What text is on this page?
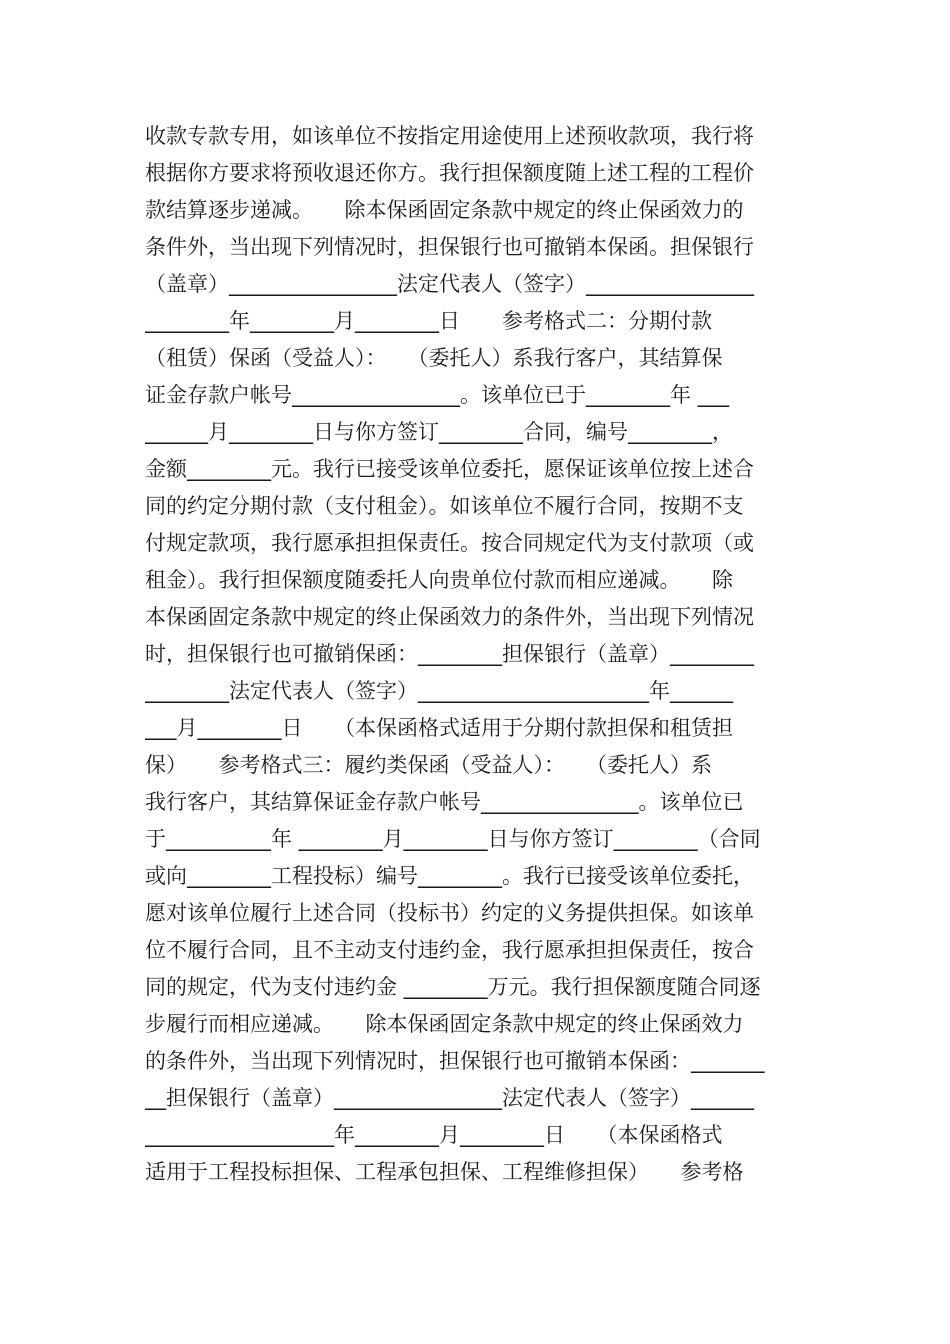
收款专款专用，如该单位不按指定用途使用上述预收款项，我行将
根据你方要求将预收退还你方。我行担保额度随上述工程的工程价
款结算逐步递减。　　除本保函固定条款中规定的终止保函效力的
条件外，当出现下列情况时，担保银行也可撤销本保函。担保银行
（盖章）________________法定代表人（签字）________________
________年________月________日　　参考格式二：分期付款
（租赁）保函（受益人）：　　（委托人）系我行客户，其结算保
证金存款户帐号________________。该单位已于________年 ___
______月________日与你方签订________合同，编号________，
金额________元。我行已接受该单位委托，愿保证该单位按上述合
同的约定分期付款（支付租金）。如该单位不履行合同，按期不支
付规定款项，我行愿承担担保责任。按合同规定代为支付款项（或
租金）。我行担保额度随委托人向贵单位付款而相应递减。　　除
本保函固定条款中规定的终止保函效力的条件外，当出现下列情况
时，担保银行也可撤销保函：________担保银行（盖章）________
________法定代表人（签字）______________________年______
___月________日　　（本保函格式适用于分期付款担保和租赁担
保）　　参考格式三：履约类保函（受益人）：　　（委托人）系
我行客户，其结算保证金存款户帐号_______________。该单位已
于__________年 ________月________日与你方签订________（合同
或向________工程投标）编号________。我行已接受该单位委托，
愿对该单位履行上述合同（投标书）约定的义务提供担保。如该单
位不履行合同，且不主动支付违约金，我行愿承担担保责任，按合
同的规定，代为支付违约金 ________万元。我行担保额度随合同逐
步履行而相应递减。　　除本保函固定条款中规定的终止保函效力
的条件外，当出现下列情况时，担保银行也可撤销本保函：_______
__担保银行（盖章）________________法定代表人（签字）______
__________________年________月________日　　（本保函格式
适用于工程投标担保、工程承包担保、工程维修担保）　　参考格
